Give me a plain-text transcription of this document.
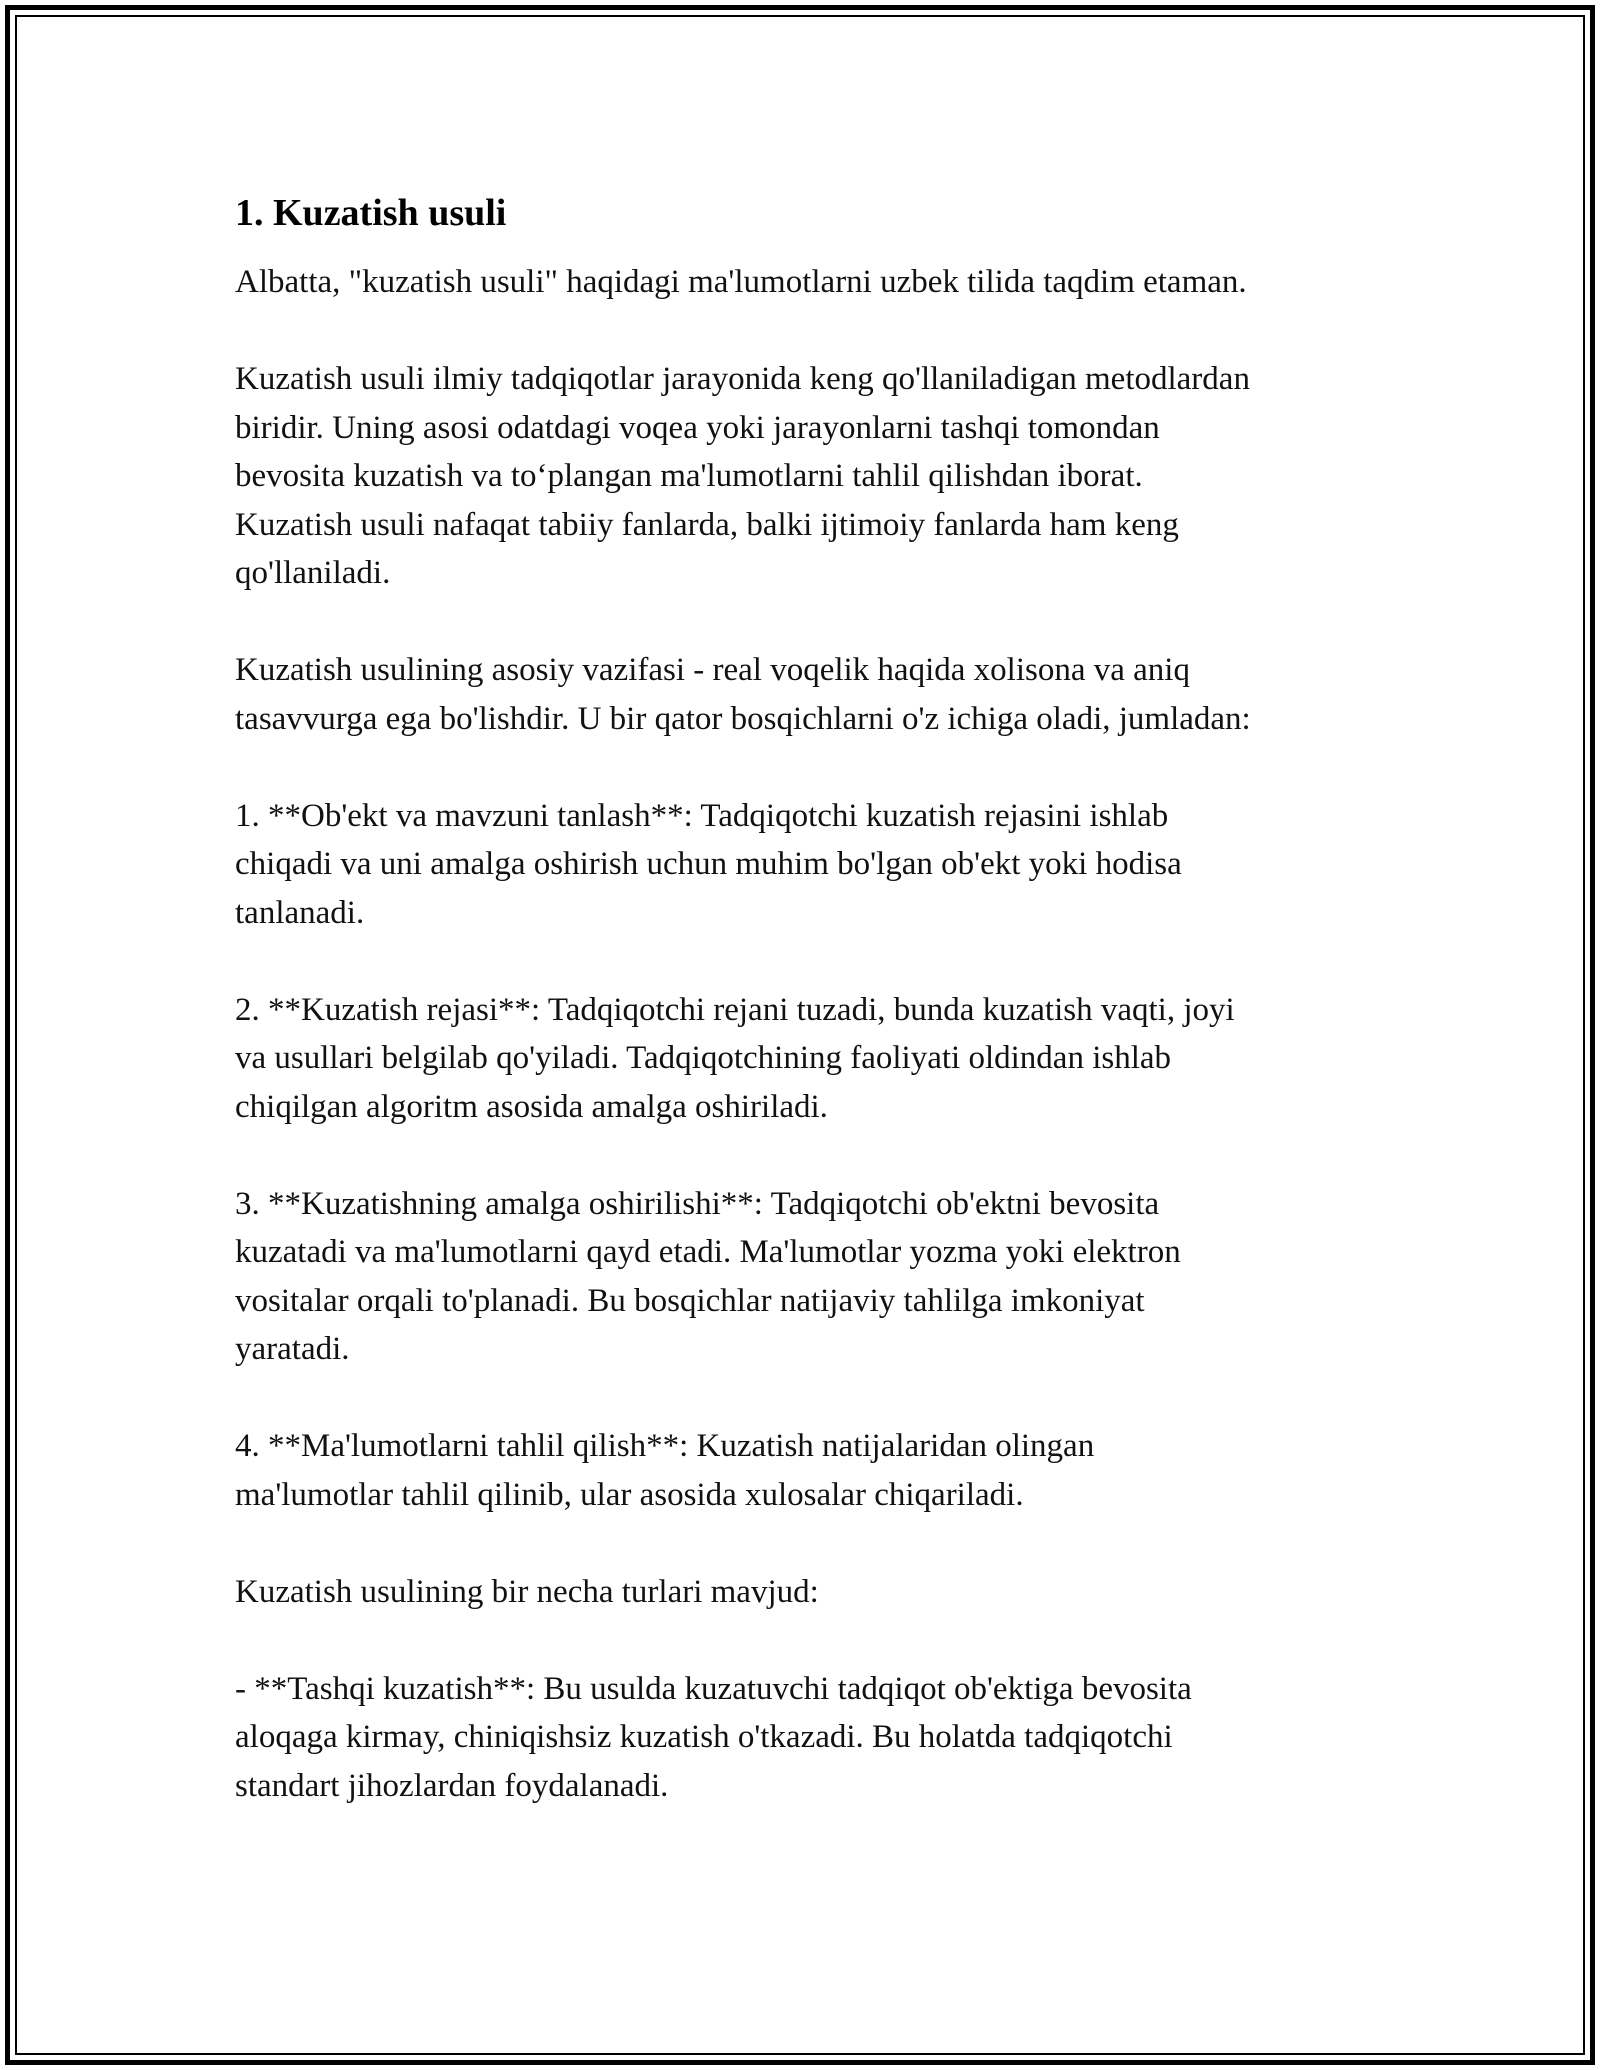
1. Kuzatish usuli

Albatta, "kuzatish usuli" haqidagi ma'lumotlarni uzbek tilida taqdim etaman.

Kuzatish usuli ilmiy tadqiqotlar jarayonida keng qo'llaniladigan metodlardan
biridir. Uning asosi odatdagi voqea yoki jarayonlarni tashqi tomondan
bevosita kuzatish va to‘plangan ma'lumotlarni tahlil qilishdan iborat.
Kuzatish usuli nafaqat tabiiy fanlarda, balki ijtimoiy fanlarda ham keng
qo'llaniladi.

Kuzatish usulining asosiy vazifasi - real voqelik haqida xolisona va aniq
tasavvurga ega bo'lishdir. U bir qator bosqichlarni o'z ichiga oladi, jumladan:

1. **Ob'ekt va mavzuni tanlash**: Tadqiqotchi kuzatish rejasini ishlab
chiqadi va uni amalga oshirish uchun muhim bo'lgan ob'ekt yoki hodisa
tanlanadi.

2. **Kuzatish rejasi**: Tadqiqotchi rejani tuzadi, bunda kuzatish vaqti, joyi
va usullari belgilab qo'yiladi. Tadqiqotchining faoliyati oldindan ishlab
chiqilgan algoritm asosida amalga oshiriladi.

3. **Kuzatishning amalga oshirilishi**: Tadqiqotchi ob'ektni bevosita
kuzatadi va ma'lumotlarni qayd etadi. Ma'lumotlar yozma yoki elektron
vositalar orqali to'planadi. Bu bosqichlar natijaviy tahlilga imkoniyat
yaratadi.

4. **Ma'lumotlarni tahlil qilish**: Kuzatish natijalaridan olingan
ma'lumotlar tahlil qilinib, ular asosida xulosalar chiqariladi.

Kuzatish usulining bir necha turlari mavjud:

- **Tashqi kuzatish**: Bu usulda kuzatuvchi tadqiqot ob'ektiga bevosita
aloqaga kirmay, chiniqishsiz kuzatish o'tkazadi. Bu holatda tadqiqotchi
standart jihozlardan foydalanadi.
